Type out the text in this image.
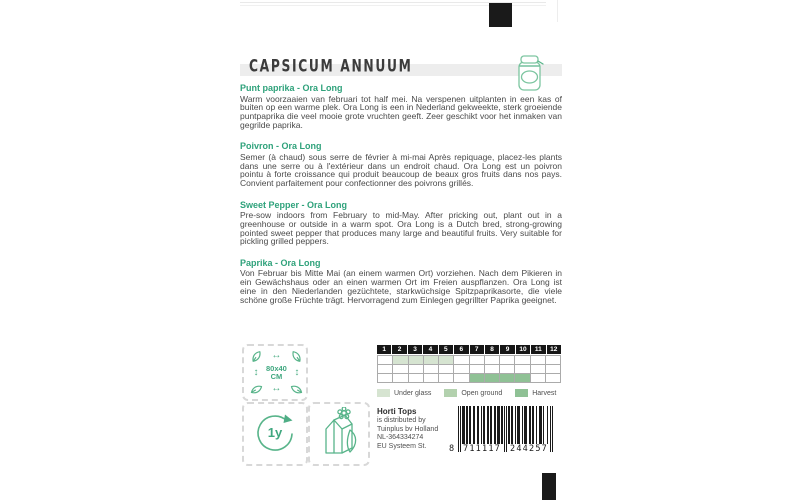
CAPSICUM ANNUUM
Punt paprika - Ora Long

Warm voorzaaien van februari tot half mei. Na verspenen uitplanten in een kas of buiten op een warme plek. Ora Long is een in Nederland gekweekte, sterk groeiende puntpaprika die veel mooie grote vruchten geeft. Zeer geschikt voor het inmaken van gegrilde paprika.

Poivron - Ora Long

Semer (à chaud) sous serre de février à mi-mai Après repiquage, placez-les plants dans une serre ou à l'extérieur dans un endroit chaud. Ora Long est un poivron pointu à forte croissance qui produit beaucoup de beaux gros fruits dans nos pays. Convient parfaitement pour confectionner des poivrons grillés.

Sweet Pepper - Ora Long

Pre-sow indoors from February to mid-May. After pricking out, plant out in a greenhouse or outside in a warm spot. Ora Long is a Dutch bred, strong-growing pointed sweet pepper that produces many large and beautiful fruits. Very suitable for pickling grilled peppers.

Paprika - Ora Long

Von Februar bis Mitte Mai (an einem warmen Ort) vorziehen. Nach dem Pikieren in ein Gewächshaus oder an einen warmen Ort im Freien auspflanzen. Ora Long ist eine in den Niederlanden gezüchtete, starkwüchsige Spitzpaprikasorte, die viele schöne große Früchte trägt. Hervorragend zum Einlegen gegrillter Paprika geeignet.

↔
↕ 80x40
CM	↕
↔
1y
1	2	3	4	5	6	7	8	9	10	11	12
Under glass	Open ground	Harvest
Horti Tops
is distributed by
Tuinplus bv Holland
NL-364334274
EU Systeem St.	8 711117 244257
